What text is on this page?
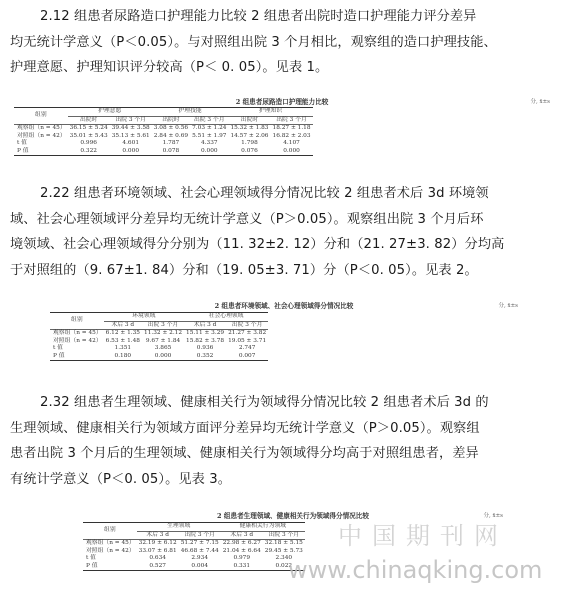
2.12 组患者尿路造口护理能力比较 2 组患者出院时造口护理能力评分差异

均无统计学意义（P＜0.05）。与对照组出院 3 个月相比，观察组的造口护理技能、

护理意愿、护理知识评分较高（P＜ 0. 05）。见表 1。

2 组患者尿路造口护理能力比较	分, x̄±s
组别	护理意愿		护理技能		护理知识	
	出院时	出院 3 个月	出院时	出院 3 个月	出院时	出院 3 个月
观察组（n = 45）	36.15 ± 5.24	39.44 ± 3.58	3.08 ± 0.56	7.03 ± 1.24	15.32 ± 1.83	18.27 ± 1.18
对照组（n = 42）	35.01 ± 5.43	35.13 ± 5.61	2.84 ± 0.69	5.51 ± 1.97	14.57 ± 2.06	16.82 ± 2.03
t 值	0.996	4.601	1.787	4.337	1.798	4.107
P 值	0.322	0.000	0.078	0.000	0.076	0.000

2.22 组患者环境领域、社会心理领域得分情况比较 2 组患者术后 3d 环境领

域、社会心理领域评分差异均无统计学意义（P＞0.05）。观察组出院 3 个月后环

境领域、社会心理领域得分分别为（11. 32±2. 12）分和（21. 27±3. 82）分均高

于对照组的（9. 67±1. 84）分和（19. 05±3. 71）分（P＜0. 05）。见表 2。

2 组患者环境领域、社会心理领域得分情况比较	分, x̄±s
组别	环境领域		社会心理领域	
	术后 3 d	出院 3 个月	术后 3 d	出院 3 个月
观察组（n = 45）	6.12 ± 1.35	11.32 ± 2.12	15.11 ± 3.29	21.27 ± 3.82
对照组（n = 42）	6.53 ± 1.48	9.67 ± 1.84	15.82 ± 3.78	19.05 ± 3.71
t 值	1.351	3.865	0.936	2.747
P 值	0.180	0.000	0.352	0.007

2.32 组患者生理领域、健康相关行为领域得分情况比较 2 组患者术后 3d 的

生理领域、健康相关行为领域方面评分差异均无统计学意义（P＞0.05）。观察组

患者出院 3 个月后的生理领域、健康相关行为领域得分均高于对照组患者，差异

有统计学意义（P＜0. 05）。见表 3。

2 组患者生理领域、健康相关行为领域得分情况比较	分, x̄±s
组别	生理领域		健康相关行为领域	
	术后 3 d	出院 3 个月	术后 3 d	出院 3 个月
观察组（n = 45）	32.19 ± 6.12	51.27 ± 7.15	22.98 ± 6.27	32.18 ± 5.15
对照组（n = 42）	33.07 ± 6.81	46.68 ± 7.44	21.04 ± 6.64	29.45 ± 5.73
t 值	0.634	2.934	0.979	2.340
P 值	0.527	0.004	0.331	0.022
中国期刊网
www.chinaqking.com
